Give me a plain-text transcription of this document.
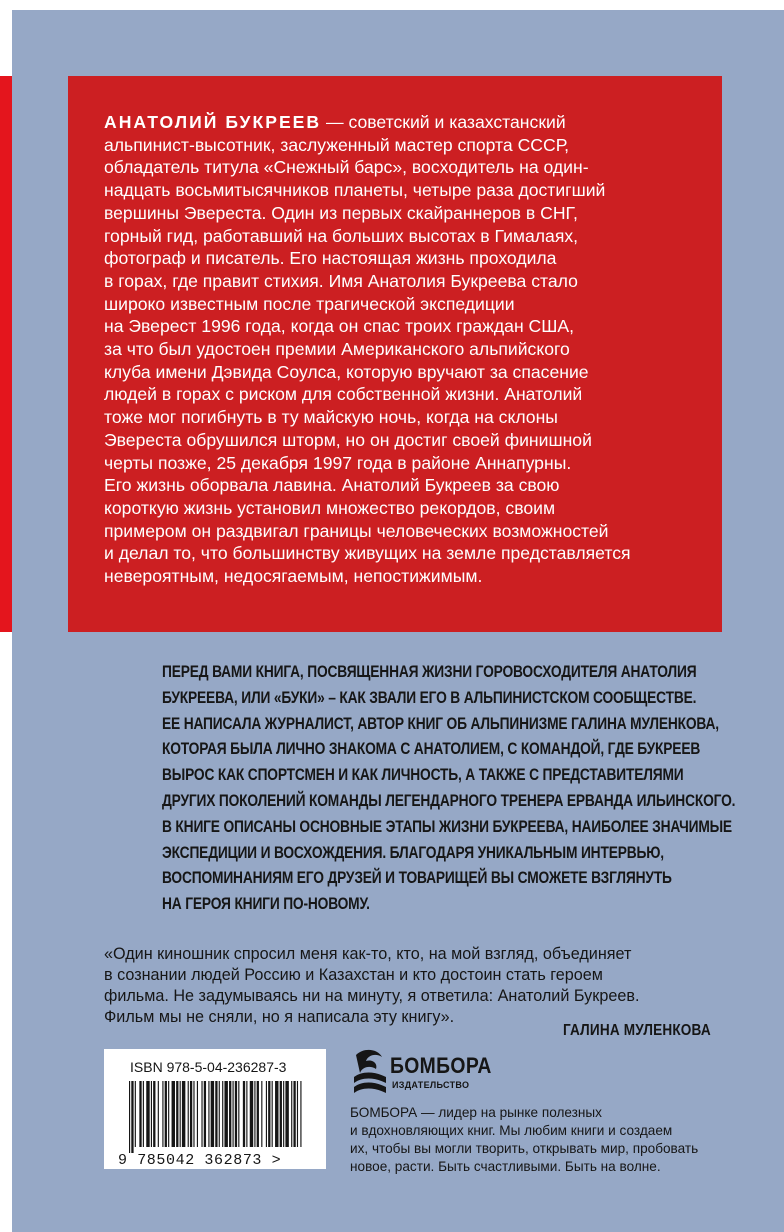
АНАТОЛИЙ БУКРЕЕВ — советский и казахстанский
альпинист-высотник, заслуженный мастер спорта СССР,
обладатель титула «Снежный барс», восходитель на один-
надцать восьмитысячников планеты, четыре раза достигший
вершины Эвереста. Один из первых скайраннеров в СНГ,
горный гид, работавший на больших высотах в Гималаях,
фотограф и писатель. Его настоящая жизнь проходила
в горах, где правит стихия. Имя Анатолия Букреева стало
широко известным после трагической экспедиции
на Эверест 1996 года, когда он спас троих граждан США,
за что был удостоен премии Американского альпийского
клуба имени Дэвида Соулса, которую вручают за спасение
людей в горах с риском для собственной жизни. Анатолий
тоже мог погибнуть в ту майскую ночь, когда на склоны
Эвереста обрушился шторм, но он достиг своей финишной
черты позже, 25 декабря 1997 года в районе Аннапурны.
Его жизнь оборвала лавина. Анатолий Букреев за свою
короткую жизнь установил множество рекордов, своим
примером он раздвигал границы человеческих возможностей
и делал то, что большинству живущих на земле представляется
невероятным, недосягаемым, непостижимым.
ПЕРЕД ВАМИ КНИГА, ПОСВЯЩЕННАЯ ЖИЗНИ ГОРОВОСХОДИТЕЛЯ АНАТОЛИЯ
БУКРЕЕВА, ИЛИ «БУКИ» – КАК ЗВАЛИ ЕГО В АЛЬПИНИСТСКОМ СООБЩЕСТВЕ.
ЕЕ НАПИСАЛА ЖУРНАЛИСТ, АВТОР КНИГ ОБ АЛЬПИНИЗМЕ ГАЛИНА МУЛЕНКОВА,
КОТОРАЯ БЫЛА ЛИЧНО ЗНАКОМА С АНАТОЛИЕМ, С КОМАНДОЙ, ГДЕ БУКРЕЕВ
ВЫРОС КАК СПОРТСМЕН И КАК ЛИЧНОСТЬ, А ТАКЖЕ С ПРЕДСТАВИТЕЛЯМИ
ДРУГИХ ПОКОЛЕНИЙ КОМАНДЫ ЛЕГЕНДАРНОГО ТРЕНЕРА ЕРВАНДА ИЛЬИНСКОГО.
В КНИГЕ ОПИСАНЫ ОСНОВНЫЕ ЭТАПЫ ЖИЗНИ БУКРЕЕВА, НАИБОЛЕЕ ЗНАЧИМЫЕ
ЭКСПЕДИЦИИ И ВОСХОЖДЕНИЯ. БЛАГОДАРЯ УНИКАЛЬНЫМ ИНТЕРВЬЮ,
ВОСПОМИНАНИЯМ ЕГО ДРУЗЕЙ И ТОВАРИЩЕЙ ВЫ СМОЖЕТЕ ВЗГЛЯНУТЬ
НА ГЕРОЯ КНИГИ ПО-НОВОМУ.
«Один киношник спросил меня как-то, кто, на мой взгляд, объединяет
в сознании людей Россию и Казахстан и кто достоин стать героем
фильма. Не задумываясь ни на минуту, я ответила: Анатолий Букреев.
Фильм мы не сняли, но я написала эту книгу».
ГАЛИНА МУЛЕНКОВА
ISBN 978-5-04-236287-3
9 785042 362873 >
БОМБОРА
ИЗДАТЕЛЬСТВО
БОМБОРА — лидер на рынке полезных
и вдохновляющих книг. Мы любим книги и создаем
их, чтобы вы могли творить, открывать мир, пробовать
новое, расти. Быть счастливыми. Быть на волне.
